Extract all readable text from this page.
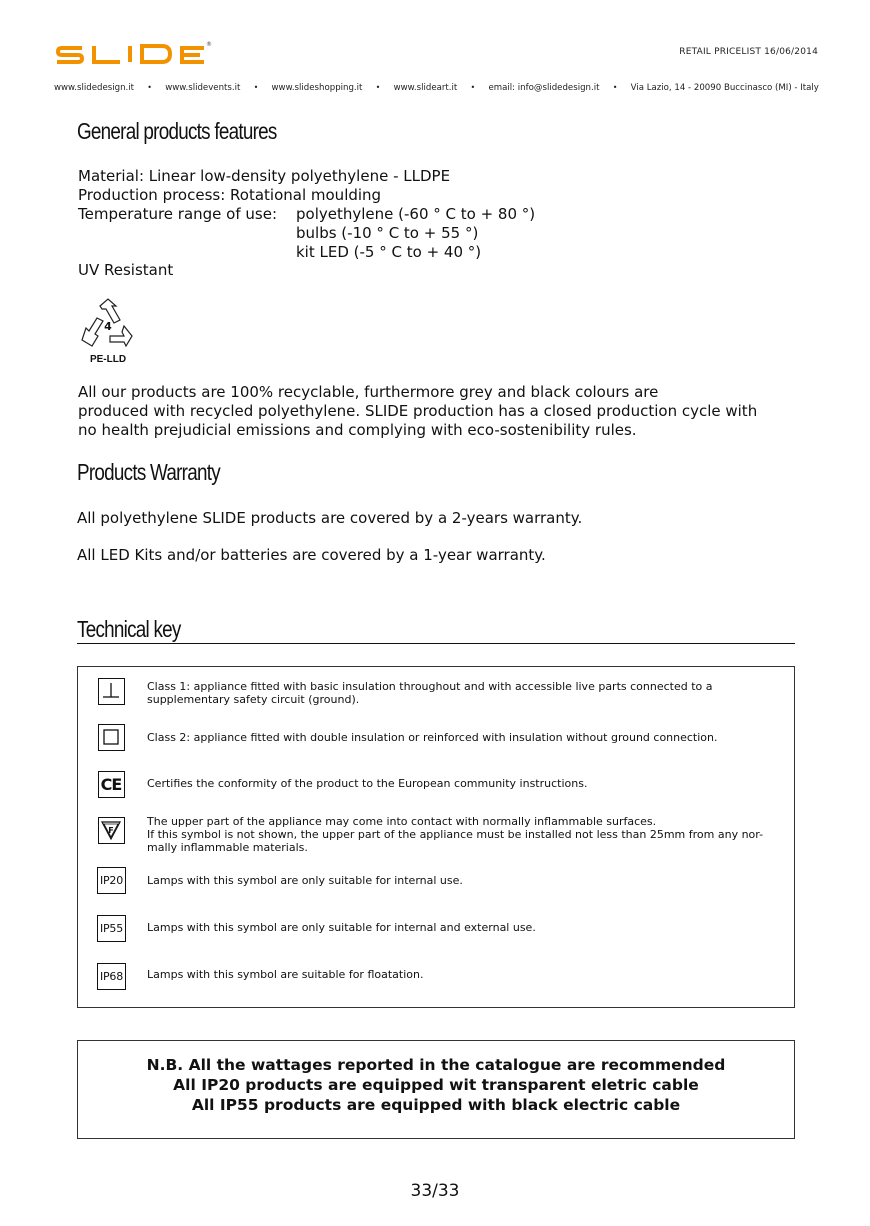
®
RETAIL PRICELIST 16/06/2014
www.slidedesign.it • www.slidevents.it • www.slideshopping.it • www.slideart.it • email: info@slidedesign.it • Via Lazio, 14 - 20090 Buccinasco (MI) - Italy
General products features
Material: Linear low-density polyethylene - LLDPE
Production process: Rotational moulding
Temperature range of use: polyethylene (-60 ° C to + 80 °)
bulbs (-10 ° C to + 55 °)
kit LED (-5 ° C to + 40 °)
UV Resistant
4
PE-LLD
All our products are 100% recyclable, furthermore grey and black colours are
produced with recycled polyethylene. SLIDE production has a closed production cycle with
no health prejudicial emissions and complying with eco-sostenibility rules.
Products Warranty
All polyethylene SLIDE products are covered by a 2-years warranty.
All LED Kits and/or batteries are covered by a 1-year warranty.
Technical key
Class 1: appliance fitted with basic insulation throughout and with accessible live parts connected to a
supplementary safety circuit (ground).
Class 2: appliance fitted with double insulation or reinforced with insulation without ground connection.
CE Certifies the conformity of the product to the European community instructions.
F
The upper part of the appliance may come into contact with normally inflammable surfaces.
If this symbol is not shown, the upper part of the appliance must be installed not less than 25mm from any nor-
mally inflammable materials.
IP20 Lamps with this symbol are only suitable for internal use.
IP55 Lamps with this symbol are only suitable for internal and external use.
IP68 Lamps with this symbol are suitable for floatation.
N.B. All the wattages reported in the catalogue are recommended
All IP20 products are equipped wit transparent eletric cable
All IP55 products are equipped with black electric cable
33/33
